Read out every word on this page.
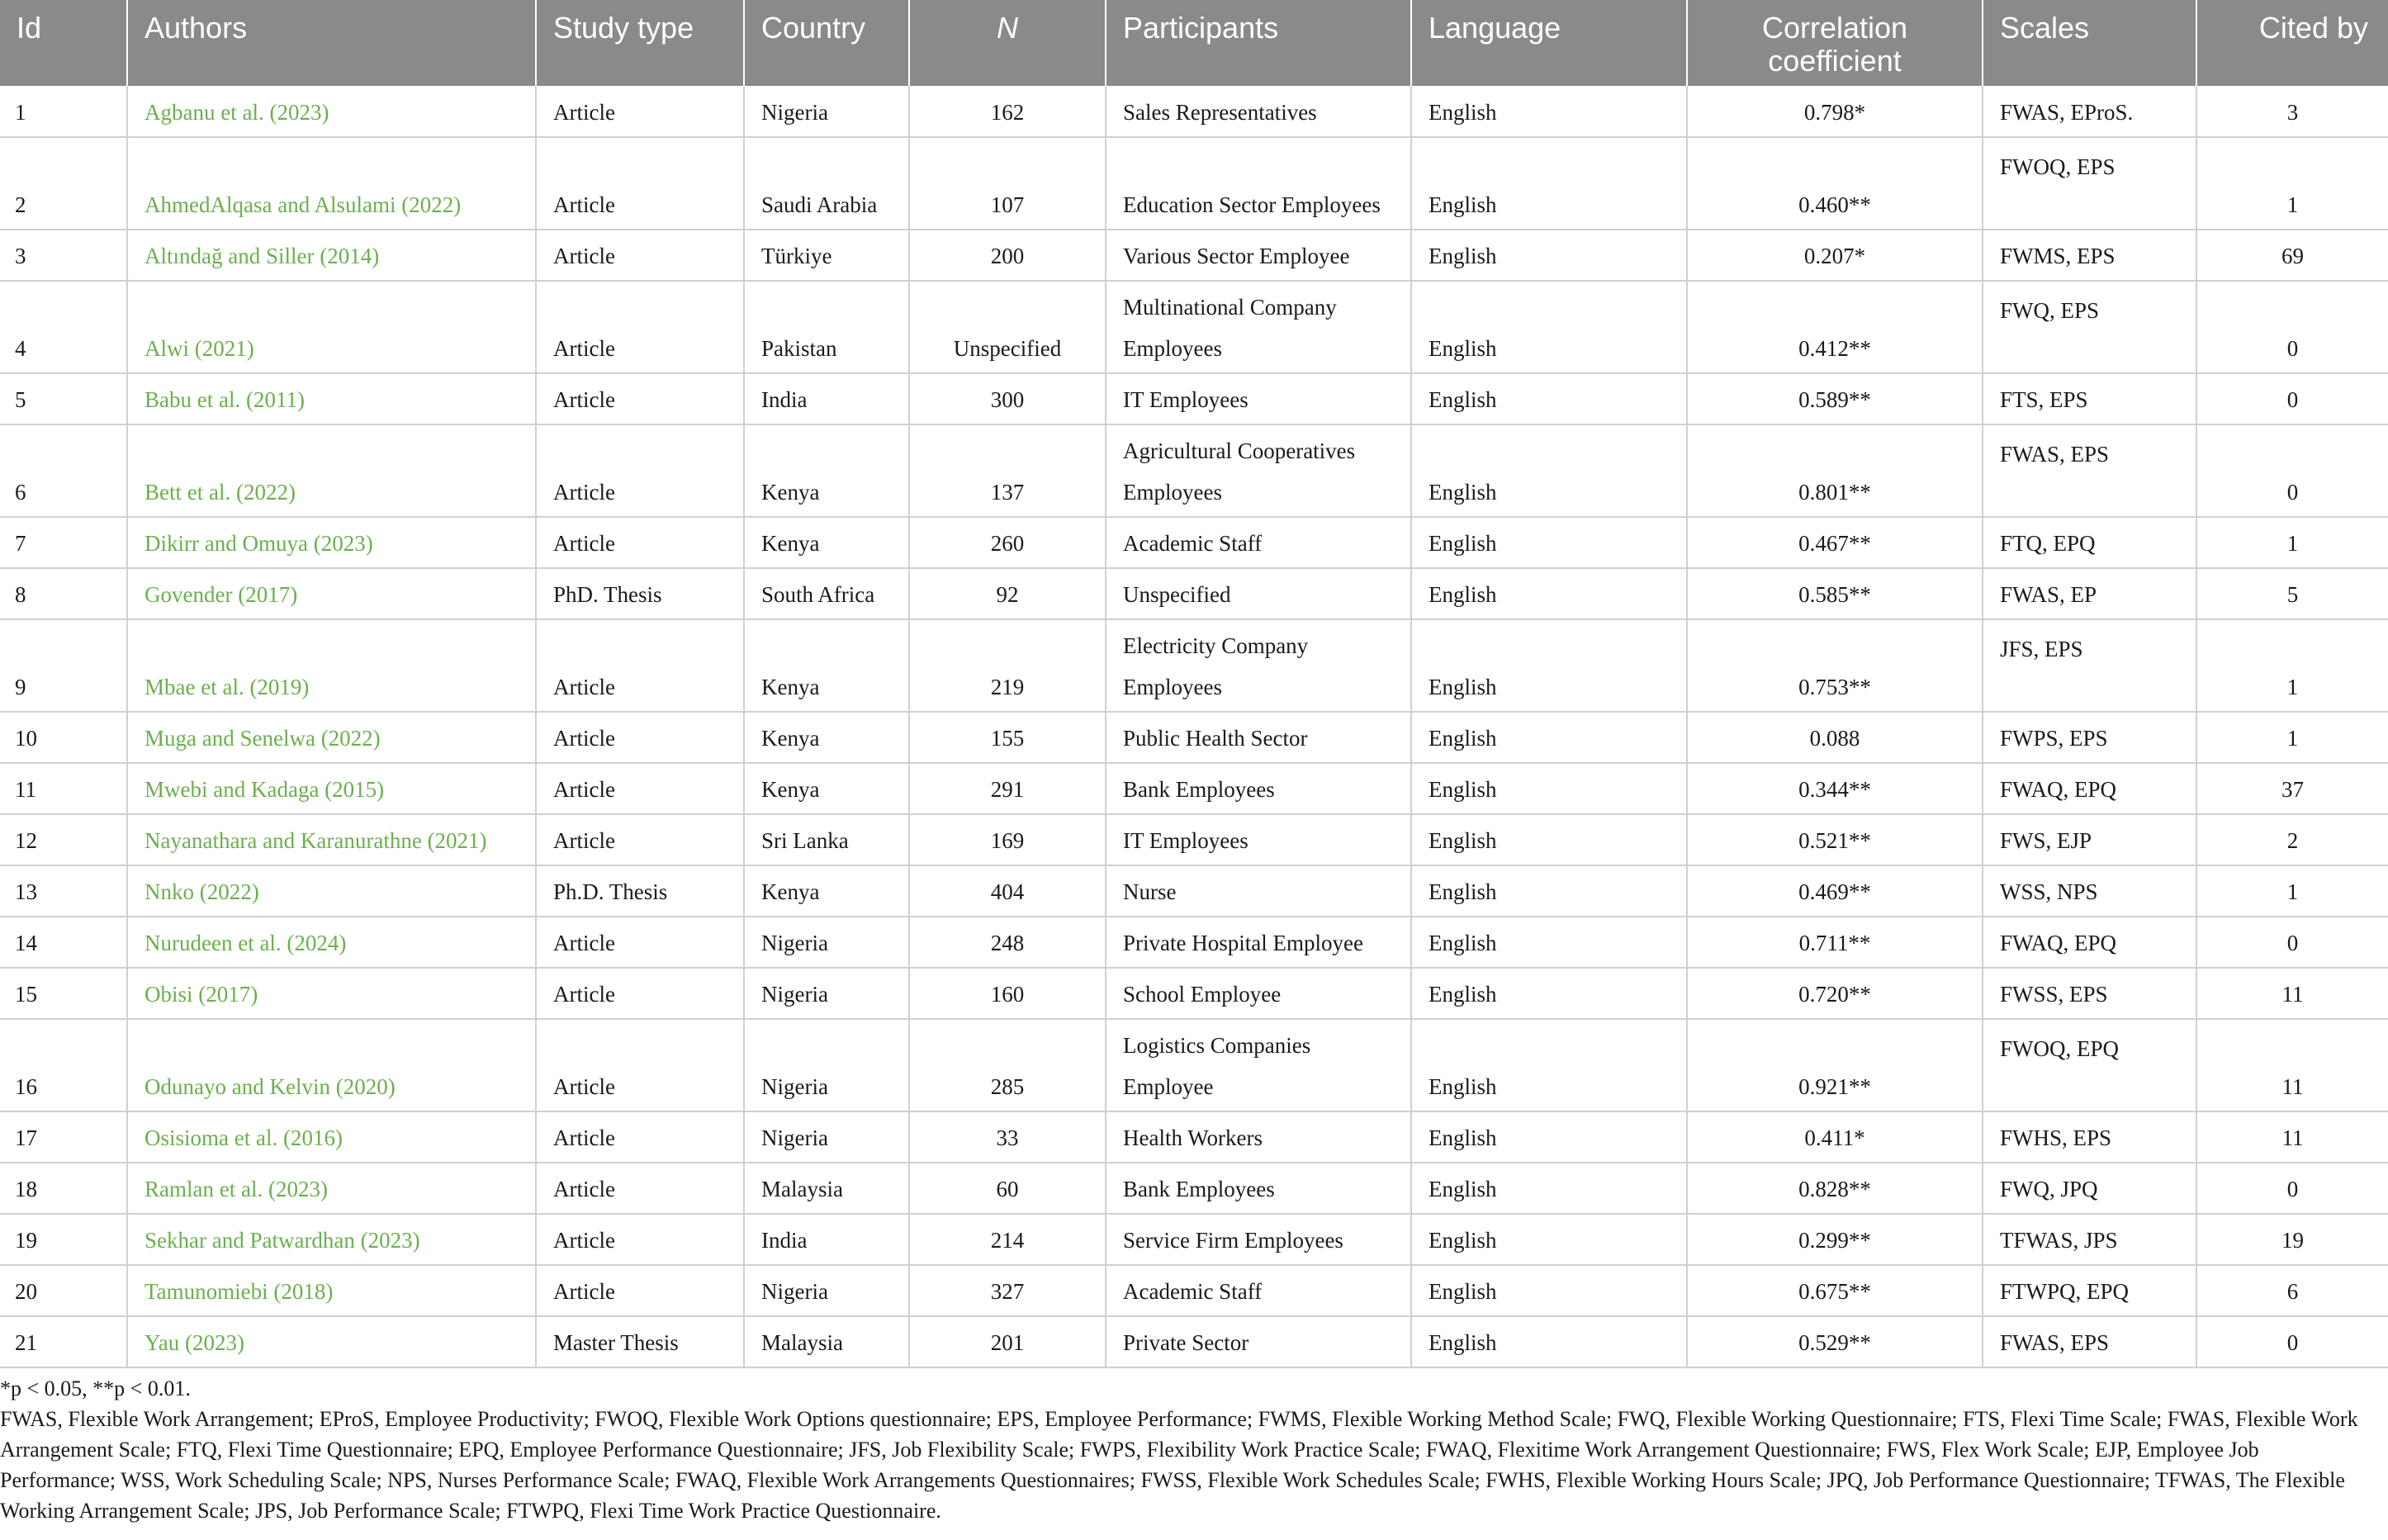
Id	Authors	Study type	Country	N	Participants	Language	Correlation coefficient	Scales	Cited by
1	Agbanu et al. (2023)	Article	Nigeria	162	Sales Representatives	English	0.798*	FWAS, EProS.	3
2	AhmedAlqasa and Alsulami (2022)	Article	Saudi Arabia	107	Education Sector Employees	English	0.460**	FWOQ, EPS	1
3	Altındağ and Siller (2014)	Article	Türkiye	200	Various Sector Employee	English	0.207*	FWMS, EPS	69
4	Alwi (2021)	Article	Pakistan	Unspecified	Multinational Company Employees	English	0.412**	FWQ, EPS	0
5	Babu et al. (2011)	Article	India	300	IT Employees	English	0.589**	FTS, EPS	0
6	Bett et al. (2022)	Article	Kenya	137	Agricultural Cooperatives Employees	English	0.801**	FWAS, EPS	0
7	Dikirr and Omuya (2023)	Article	Kenya	260	Academic Staff	English	0.467**	FTQ, EPQ	1
8	Govender (2017)	PhD. Thesis	South Africa	92	Unspecified	English	0.585**	FWAS, EP	5
9	Mbae et al. (2019)	Article	Kenya	219	Electricity Company Employees	English	0.753**	JFS, EPS	1
10	Muga and Senelwa (2022)	Article	Kenya	155	Public Health Sector	English	0.088	FWPS, EPS	1
11	Mwebi and Kadaga (2015)	Article	Kenya	291	Bank Employees	English	0.344**	FWAQ, EPQ	37
12	Nayanathara and Karanurathne (2021)	Article	Sri Lanka	169	IT Employees	English	0.521**	FWS, EJP	2
13	Nnko (2022)	Ph.D. Thesis	Kenya	404	Nurse	English	0.469**	WSS, NPS	1
14	Nurudeen et al. (2024)	Article	Nigeria	248	Private Hospital Employee	English	0.711**	FWAQ, EPQ	0
15	Obisi (2017)	Article	Nigeria	160	School Employee	English	0.720**	FWSS, EPS	11
16	Odunayo and Kelvin (2020)	Article	Nigeria	285	Logistics Companies Employee	English	0.921**	FWOQ, EPQ	11
17	Osisioma et al. (2016)	Article	Nigeria	33	Health Workers	English	0.411*	FWHS, EPS	11
18	Ramlan et al. (2023)	Article	Malaysia	60	Bank Employees	English	0.828**	FWQ, JPQ	0
19	Sekhar and Patwardhan (2023)	Article	India	214	Service Firm Employees	English	0.299**	TFWAS, JPS	19
20	Tamunomiebi (2018)	Article	Nigeria	327	Academic Staff	English	0.675**	FTWPQ, EPQ	6
21	Yau (2023)	Master Thesis	Malaysia	201	Private Sector	English	0.529**	FWAS, EPS	0
*p < 0.05, **p < 0.01.
FWAS, Flexible Work Arrangement; EProS, Employee Productivity; FWOQ, Flexible Work Options questionnaire; EPS, Employee Performance; FWMS, Flexible Working Method Scale; FWQ, Flexible Working Questionnaire; FTS, Flexi Time Scale; FWAS, Flexible Work Arrangement Scale; FTQ, Flexi Time Questionnaire; EPQ, Employee Performance Questionnaire; JFS, Job Flexibility Scale; FWPS, Flexibility Work Practice Scale; FWAQ, Flexitime Work Arrangement Questionnaire; FWS, Flex Work Scale; EJP, Employee Job Performance; WSS, Work Scheduling Scale; NPS, Nurses Performance Scale; FWAQ, Flexible Work Arrangements Questionnaires; FWSS, Flexible Work Schedules Scale; FWHS, Flexible Working Hours Scale; JPQ, Job Performance Questionnaire; TFWAS, The Flexible Working Arrangement Scale; JPS, Job Performance Scale; FTWPQ, Flexi Time Work Practice Questionnaire.
